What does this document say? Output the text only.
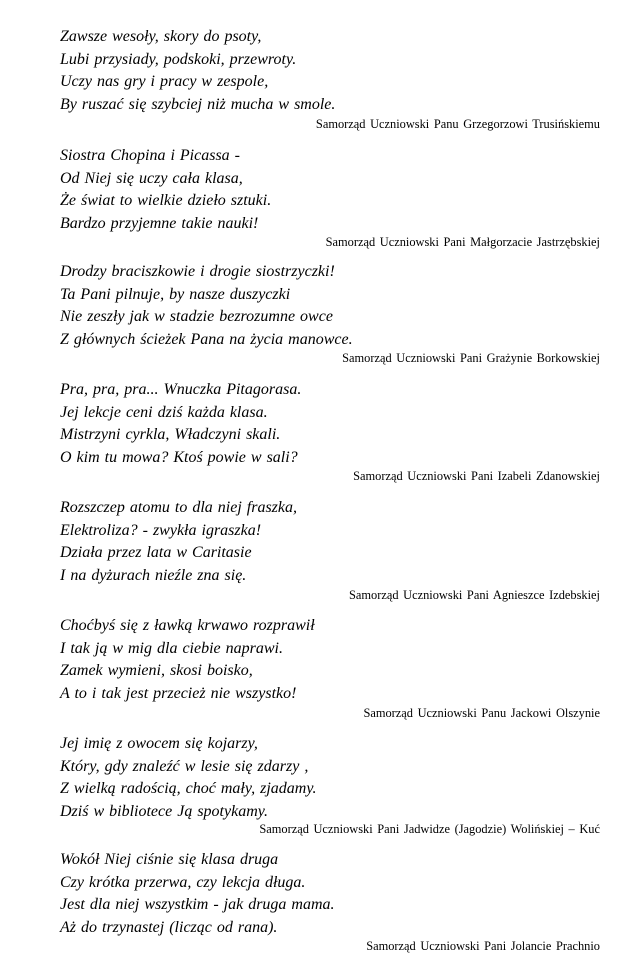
Zawsze wesoły, skory do psoty,
Lubi przysiady, podskoki, przewroty.
Uczy nas gry i pracy w zespole,
By ruszać się szybciej niż mucha w smole.
Samorząd Uczniowski Panu Grzegorzowi Trusińskiemu
Siostra Chopina i Picassa -
Od Niej się uczy cała klasa,
Że świat to wielkie dzieło sztuki.
Bardzo przyjemne takie nauki!
Samorząd Uczniowski Pani Małgorzacie Jastrzębskiej
Drodzy braciszkowie i drogie siostrzyczki!
Ta Pani pilnuje, by nasze duszyczki
Nie zeszły jak w stadzie bezrozumne owce
Z głównych ścieżek Pana na życia manowce.
Samorząd Uczniowski Pani Grażynie Borkowskiej
Pra, pra, pra... Wnuczka Pitagorasa.
Jej lekcje ceni dziś każda klasa.
Mistrzyni cyrkla, Władczyni skali.
O kim tu mowa? Ktoś powie w sali?
Samorząd Uczniowski Pani Izabeli Zdanowskiej
Rozszczep atomu to dla niej fraszka,
Elektroliza? - zwykła igraszka!
Działa przez lata w Caritasie
I na dyżurach nieźle zna się.
Samorząd Uczniowski Pani Agnieszce Izdebskiej
Choćbyś się z ławką krwawo rozprawił
I tak ją w mig dla ciebie naprawi.
Zamek wymieni, skosi boisko,
A to i tak jest przecież nie wszystko!
Samorząd Uczniowski Panu Jackowi Olszynie
Jej imię z owocem się kojarzy,
Który, gdy znaleźć w lesie się zdarzy ,
Z wielką radością, choć mały, zjadamy.
Dziś w bibliotece Ją spotykamy.
Samorząd Uczniowski Pani Jadwidze (Jagodzie) Wolińskiej – Kuć
Wokół Niej ciśnie się klasa druga
Czy krótka przerwa, czy lekcja długa.
Jest dla niej wszystkim - jak druga mama.
Aż do trzynastej (licząc od rana).
Samorząd Uczniowski Pani Jolancie Prachnio
